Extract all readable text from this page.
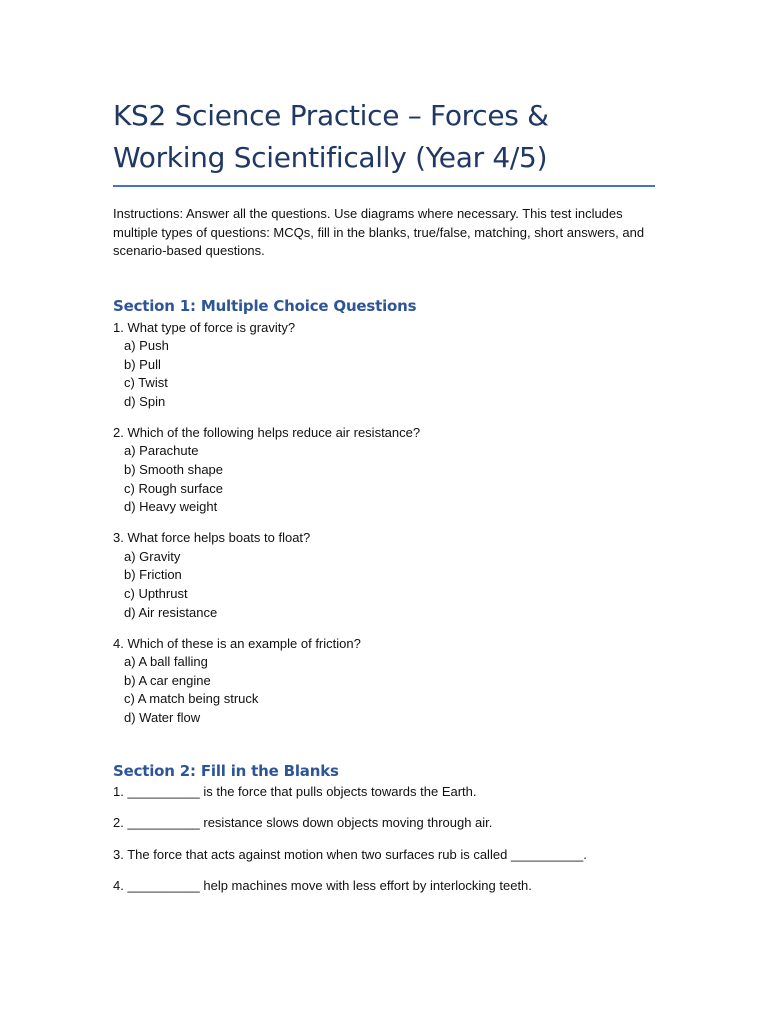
KS2 Science Practice – Forces &
Working Scientifically (Year 4/5)

Instructions: Answer all the questions. Use diagrams where necessary. This test includes multiple types of questions: MCQs, fill in the blanks, true/false, matching, short answers, and scenario-based questions.

Section 1: Multiple Choice Questions
1. What type of force is gravity?
a) Push
b) Pull
c) Twist
d) Spin
2. Which of the following helps reduce air resistance?
a) Parachute
b) Smooth shape
c) Rough surface
d) Heavy weight
3. What force helps boats to float?
a) Gravity
b) Friction
c) Upthrust
d) Air resistance
4. Which of these is an example of friction?
a) A ball falling
b) A car engine
c) A match being struck
d) Water flow
Section 2: Fill in the Blanks
1. __________ is the force that pulls objects towards the Earth.
2. __________ resistance slows down objects moving through air.
3. The force that acts against motion when two surfaces rub is called __________.
4. __________ help machines move with less effort by interlocking teeth.
